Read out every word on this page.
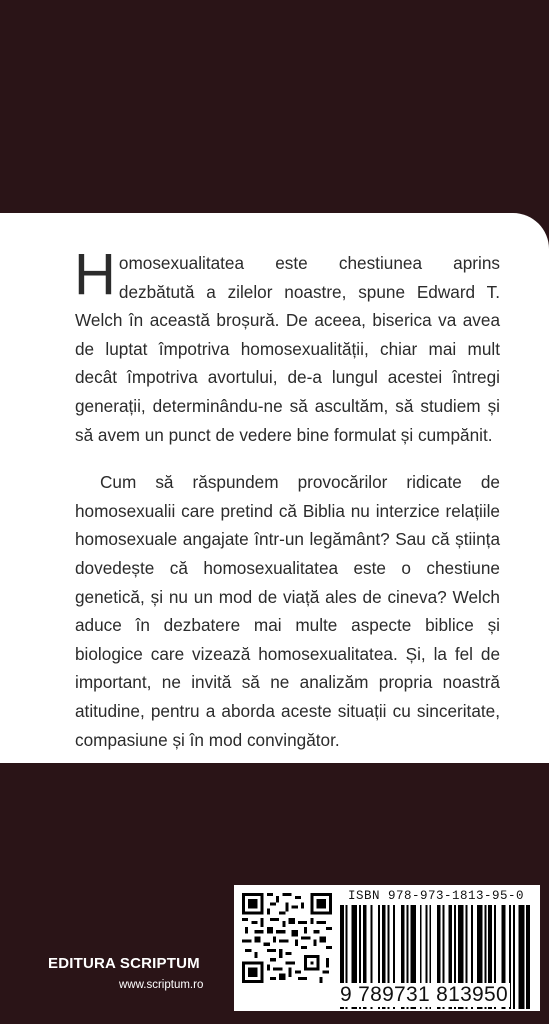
Homosexualitatea este chestiunea aprins dezbătută a zilelor noastre, spune Edward T. Welch în această broșură. De aceea, biserica va avea de luptat împotriva homosexualității, chiar mai mult decât împotriva avortului, de-a lungul acestei întregi generații, determinându-ne să ascultăm, să studiem și să avem un punct de vedere bine formulat și cumpănit.

Cum să răspundem provocărilor ridicate de homosexualii care pretind că Biblia nu interzice relațiile homosexuale angajate într-un legământ? Sau că știința dovedește că homosexualitatea este o chestiune genetică, și nu un mod de viață ales de cineva? Welch aduce în dezbatere mai multe aspecte biblice și biologice care vizează homosexualitatea. Și, la fel de important, ne invită să ne analizăm propria noastră atitudine, pentru a aborda aceste situații cu sinceritate, compasiune și în mod convingător.

EDITURA SCRIPTUM
www.scriptum.ro
ISBN 978-973-1813-95-0
9 789731 813950
